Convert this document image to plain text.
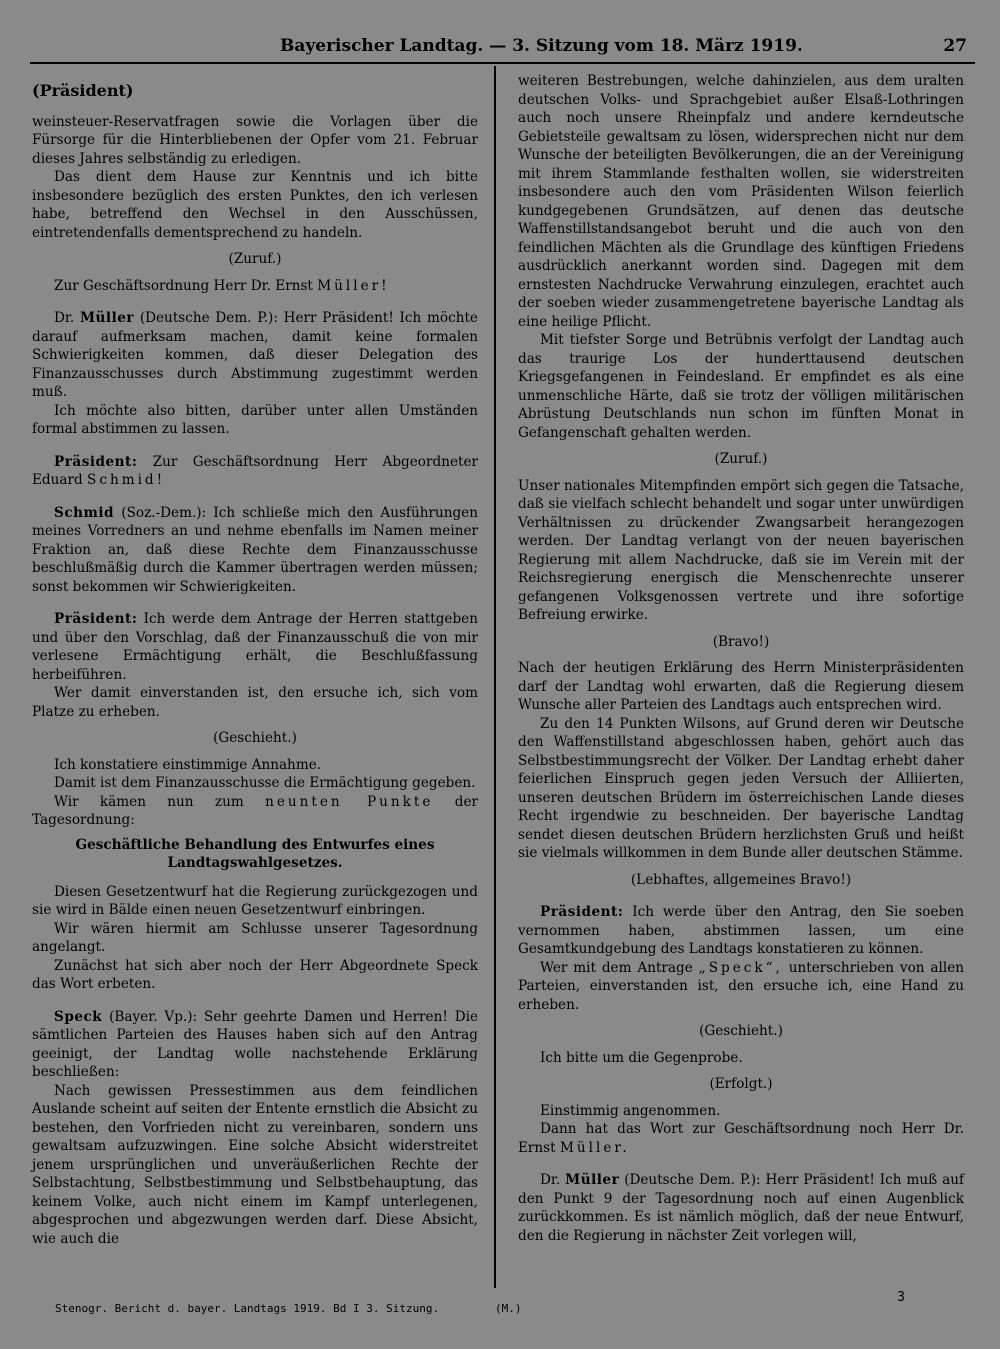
Bayerischer Landtag. — 3. Sitzung vom 18. März 1919.	27
(Präsident)

weinsteuer-Reservatfragen sowie die Vorlagen über die Fürsorge für die Hinterbliebenen der Opfer vom 21. Februar dieses Jahres selbständig zu erledigen.

Das dient dem Hause zur Kenntnis und ich bitte insbesondere bezüglich des ersten Punktes, den ich verlesen habe, betreffend den Wechsel in den Ausschüssen, eintretendenfalls dementsprechend zu handeln.

(Zuruf.)

Zur Geschäftsordnung Herr Dr. Ernst Müller!

Dr. Müller (Deutsche Dem. P.): Herr Präsident! Ich möchte darauf aufmerksam machen, damit keine formalen Schwierigkeiten kommen, daß dieser Delegation des Finanzausschusses durch Abstimmung zugestimmt werden muß.

Ich möchte also bitten, darüber unter allen Umständen formal abstimmen zu lassen.

Präsident: Zur Geschäftsordnung Herr Abgeordneter Eduard Schmid!

Schmid (Soz.-Dem.): Ich schließe mich den Ausführungen meines Vorredners an und nehme ebenfalls im Namen meiner Fraktion an, daß diese Rechte dem Finanzausschusse beschlußmäßig durch die Kammer übertragen werden müssen; sonst bekommen wir Schwierigkeiten.

Präsident: Ich werde dem Antrage der Herren stattgeben und über den Vorschlag, daß der Finanzausschuß die von mir verlesene Ermächtigung erhält, die Beschlußfassung herbeiführen.

Wer damit einverstanden ist, den ersuche ich, sich vom Platze zu erheben.

(Geschieht.)

Ich konstatiere einstimmige Annahme.

Damit ist dem Finanzausschusse die Ermächtigung gegeben.

Wir kämen nun zum neunten Punkte der Tagesordnung:

Geschäftliche Behandlung des Entwurfes eines Landtagswahlgesetzes.

Diesen Gesetzentwurf hat die Regierung zurückgezogen und sie wird in Bälde einen neuen Gesetzentwurf einbringen.

Wir wären hiermit am Schlusse unserer Tagesordnung angelangt.

Zunächst hat sich aber noch der Herr Abgeordnete Speck das Wort erbeten.

Speck (Bayer. Vp.): Sehr geehrte Damen und Herren! Die sämtlichen Parteien des Hauses haben sich auf den Antrag geeinigt, der Landtag wolle nachstehende Erklärung beschließen:

Nach gewissen Pressestimmen aus dem feindlichen Auslande scheint auf seiten der Entente ernstlich die Absicht zu bestehen, den Vorfrieden nicht zu vereinbaren, sondern uns gewaltsam aufzuzwingen. Eine solche Absicht widerstreitet jenem ursprünglichen und unveräußerlichen Rechte der Selbstachtung, Selbstbestimmung und Selbstbehauptung, das keinem Volke, auch nicht einem im Kampf unterlegenen, abgesprochen und abgezwungen werden darf. Diese Absicht, wie auch die

weiteren Bestrebungen, welche dahinzielen, aus dem uralten deutschen Volks- und Sprachgebiet außer Elsaß-Lothringen auch noch unsere Rheinpfalz und andere kerndeutsche Gebietsteile gewaltsam zu lösen, widersprechen nicht nur dem Wunsche der beteiligten Bevölkerungen, die an der Vereinigung mit ihrem Stammlande festhalten wollen, sie widerstreiten insbesondere auch den vom Präsidenten Wilson feierlich kundgegebenen Grundsätzen, auf denen das deutsche Waffenstillstandsangebot beruht und die auch von den feindlichen Mächten als die Grundlage des künftigen Friedens ausdrücklich anerkannt worden sind. Dagegen mit dem ernstesten Nachdrucke Verwahrung einzulegen, erachtet auch der soeben wieder zusammengetretene bayerische Landtag als eine heilige Pflicht.

Mit tiefster Sorge und Betrübnis verfolgt der Landtag auch das traurige Los der hunderttausend deutschen Kriegsgefangenen in Feindesland. Er empfindet es als eine unmenschliche Härte, daß sie trotz der völligen militärischen Abrüstung Deutschlands nun schon im fünften Monat in Gefangenschaft gehalten werden.

(Zuruf.)

Unser nationales Mitempfinden empört sich gegen die Tatsache, daß sie vielfach schlecht behandelt und sogar unter unwürdigen Verhältnissen zu drückender Zwangsarbeit herangezogen werden. Der Landtag verlangt von der neuen bayerischen Regierung mit allem Nachdrucke, daß sie im Verein mit der Reichsregierung energisch die Menschenrechte unserer gefangenen Volksgenossen vertrete und ihre sofortige Befreiung erwirke.

(Bravo!)

Nach der heutigen Erklärung des Herrn Ministerpräsidenten darf der Landtag wohl erwarten, daß die Regierung diesem Wunsche aller Parteien des Landtags auch entsprechen wird.

Zu den 14 Punkten Wilsons, auf Grund deren wir Deutsche den Waffenstillstand abgeschlossen haben, gehört auch das Selbstbestimmungsrecht der Völker. Der Landtag erhebt daher feierlichen Einspruch gegen jeden Versuch der Alliierten, unseren deutschen Brüdern im österreichischen Lande dieses Recht irgendwie zu beschneiden. Der bayerische Landtag sendet diesen deutschen Brüdern herzlichsten Gruß und heißt sie vielmals willkommen in dem Bunde aller deutschen Stämme.

(Lebhaftes, allgemeines Bravo!)

Präsident: Ich werde über den Antrag, den Sie soeben vernommen haben, abstimmen lassen, um eine Gesamtkundgebung des Landtags konstatieren zu können.

Wer mit dem Antrage „Speck“, unterschrieben von allen Parteien, einverstanden ist, den ersuche ich, eine Hand zu erheben.

(Geschieht.)

Ich bitte um die Gegenprobe.

(Erfolgt.)

Einstimmig angenommen.

Dann hat das Wort zur Geschäftsordnung noch Herr Dr. Ernst Müller.

Dr. Müller (Deutsche Dem. P.): Herr Präsident! Ich muß auf den Punkt 9 der Tagesordnung noch auf einen Augenblick zurückkommen. Es ist nämlich möglich, daß der neue Entwurf, den die Regierung in nächster Zeit vorlegen will,

Stenogr. Bericht d. bayer. Landtags 1919. Bd I 3. Sitzung.	(M.)
3
